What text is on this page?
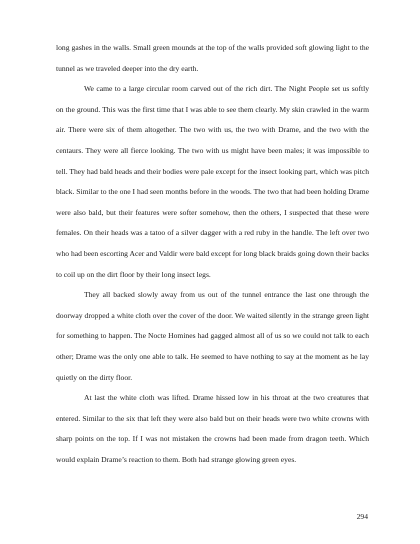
long gashes in the walls. Small green mounds at the top of the walls provided soft glowing light to the tunnel as we traveled deeper into the dry earth.

We came to a large circular room carved out of the rich dirt. The Night People set us softly on the ground. This was the first time that I was able to see them clearly. My skin crawled in the warm air. There were six of them altogether. The two with us, the two with Drame, and the two with the centaurs. They were all fierce looking. The two with us might have been males; it was impossible to tell. They had bald heads and their bodies were pale except for the insect looking part, which was pitch black. Similar to the one I had seen months before in the woods. The two that had been holding Drame were also bald, but their features were softer somehow, then the others, I suspected that these were females. On their heads was a tatoo of a silver dagger with a red ruby in the handle. The left over two who had been escorting Acer and Valdir were bald except for long black braids going down their backs to coil up on the dirt floor by their long insect legs.

They all backed slowly away from us out of the tunnel entrance the last one through the doorway dropped a white cloth over the cover of the door. We waited silently in the strange green light for something to happen. The Nocte Homines had gagged almost all of us so we could not talk to each other; Drame was the only one able to talk. He seemed to have nothing to say at the moment as he lay quietly on the dirty floor.

At last the white cloth was lifted. Drame hissed low in his throat at the two creatures that entered. Similar to the six that left they were also bald but on their heads were two white crowns with sharp points on the top. If I was not mistaken the crowns had been made from dragon teeth. Which would explain Drame’s reaction to them. Both had strange glowing green eyes.

294
